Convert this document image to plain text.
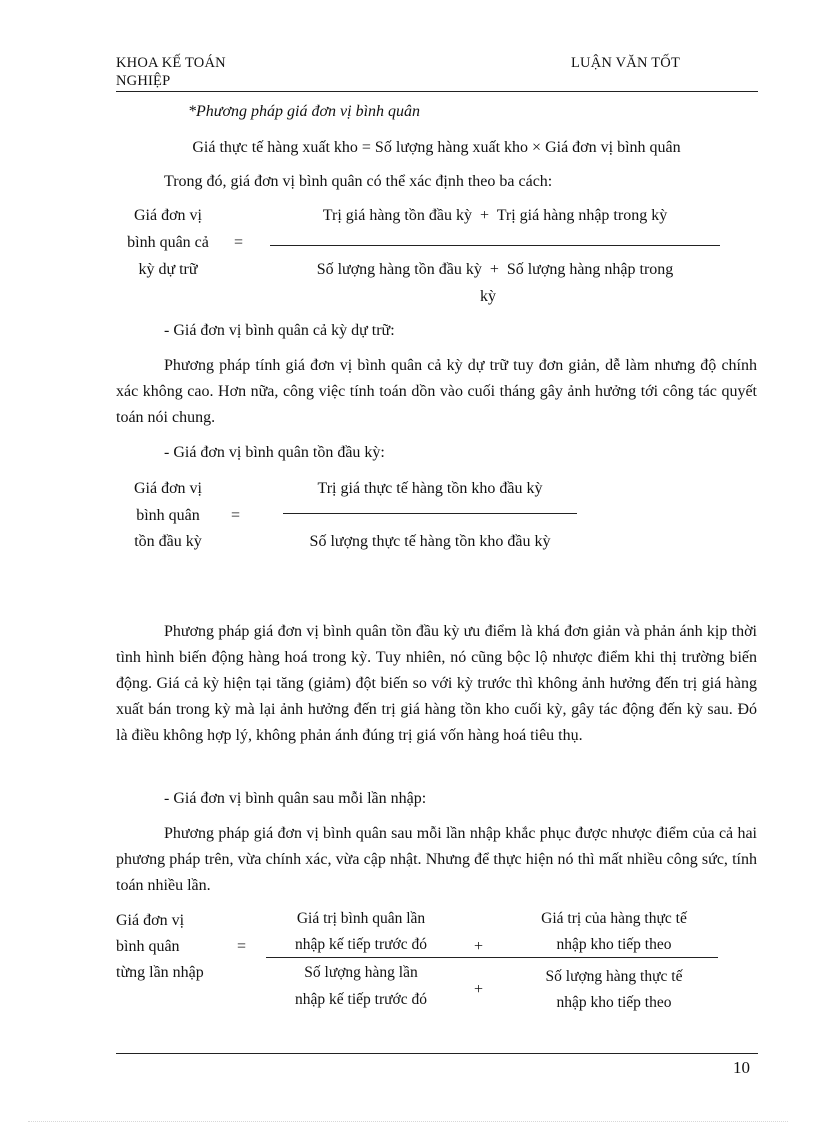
KHOA KẾ TOÁN
NGHIỆP
LUẬN VĂN TỐT
*Phương pháp giá đơn vị bình quân
Giá thực tế hàng xuất kho = Số lượng hàng xuất kho × Giá đơn vị bình quân
Trong đó, giá đơn vị bình quân có thể xác định theo ba cách:
Giá đơn vị
bình quân cả
kỳ dự trữ
=
Trị giá hàng tồn đầu kỳ  +  Trị giá hàng nhập trong kỳ
Số lượng hàng tồn đầu kỳ  +  Số lượng hàng nhập trong
kỳ
- Giá đơn vị bình quân cả kỳ dự trữ:
Phương pháp tính giá đơn vị bình quân cả kỳ dự trữ tuy đơn giản, dễ làm nhưng độ chính xác không cao. Hơn nữa, công việc tính toán dồn vào cuối tháng gây ảnh hưởng tới công tác quyết toán nói chung.
- Giá đơn vị bình quân tồn đầu kỳ:
Giá đơn vị
bình quân
tồn đầu kỳ
=
Trị giá thực tế hàng tồn kho đầu kỳ
Số lượng thực tế hàng tồn kho đầu kỳ
Phương pháp giá đơn vị bình quân tồn đầu kỳ ưu điểm là khá đơn giản và phản ánh kịp thời tình hình biến động hàng hoá trong kỳ. Tuy nhiên, nó cũng bộc lộ nhược điểm khi thị trường biến động. Giá cả kỳ hiện tại tăng (giảm) đột biến so với kỳ trước thì không ảnh hưởng đến trị giá hàng xuất bán trong kỳ mà lại ảnh hưởng đến trị giá hàng tồn kho cuối kỳ, gây tác động đến kỳ sau. Đó là điều không hợp lý, không phản ánh đúng trị giá vốn hàng hoá tiêu thụ.
- Giá đơn vị bình quân sau mỗi lần nhập:
Phương pháp giá đơn vị bình quân sau mỗi lần nhập khắc phục được nhược điểm của cả hai phương pháp trên, vừa chính xác, vừa cập nhật. Nhưng để thực hiện nó thì mất nhiều công sức, tính toán nhiều lần.
Giá đơn vị
bình quân
từng lần nhập
=
Giá trị bình quân lần
nhập kế tiếp trước đó	+
Giá trị của hàng thực tế
nhập kho tiếp theo
Số lượng hàng lần
nhập kế tiếp trước đó
+
Số lượng hàng thực tế
nhập kho tiếp theo
10
